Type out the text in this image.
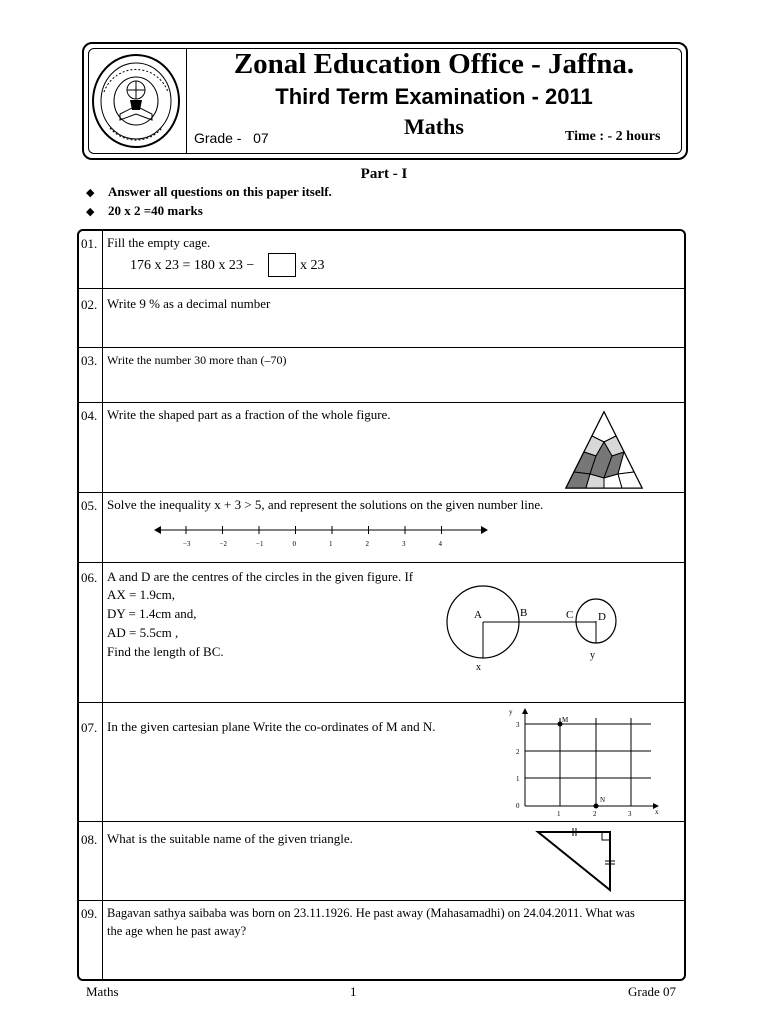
Zonal Education Office - Jaffna.
Third Term Examination - 2011
Maths
Grade -   07	Time : - 2 hours
Part - I
◆ Answer all questions on this paper itself.
◆ 20 x 2 =40 marks
01. Fill the empty cage.
176 x 23 = 180 x 23 −	x 23
02. Write 9 % as a decimal number
03. Write the number 30 more than (–70)
04. Write the shaped part as a fraction of the whole figure.
05. Solve the inequality x + 3 > 5, and represent the solutions on the given number line.
−3	−2	−1	0	1	2	3	4
06. A and D are the centres of the circles in the given figure. If
AX = 1.9cm,
DY = 1.4cm and,
AD = 5.5cm ,
Find the length of BC.
A	B	C D
x
y
07. In the given cartesian plane Write the co-ordinates of M and N.	M
N
y
x
3
2
1
0
1	2	3
08. What is the suitable name of the given triangle.
09. Bagavan sathya saibaba was born on 23.11.1926. He past away (Mahasamadhi) on 24.04.2011. What was
the age when he past away?
Maths	1	Grade 07
